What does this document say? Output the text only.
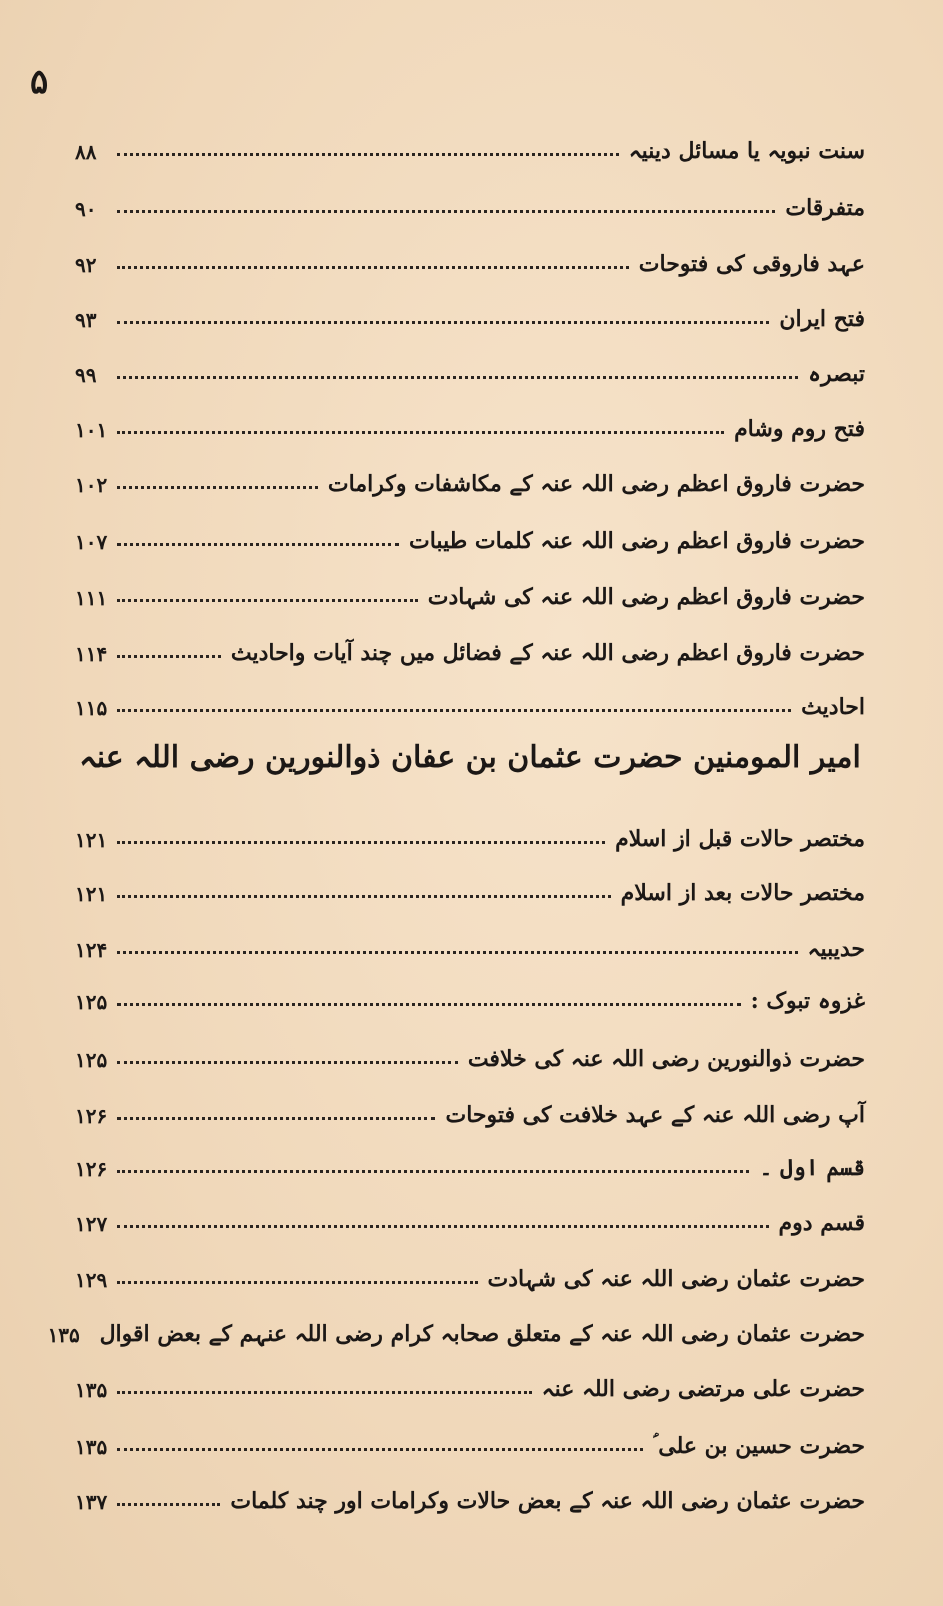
۵
سنت نبویہ یا مسائل دینیہ
۸۸
متفرقات
۹۰
عہد فاروقی کی فتوحات
۹۲
فتح ایران
۹۳
تبصرہ
۹۹
فتح روم وشام
۱۰۱
حضرت فاروق اعظم رضی اللہ عنہ کے مکاشفات وکرامات
۱۰۲
حضرت فاروق اعظم رضی اللہ عنہ کلمات طیبات
۱۰۷
حضرت فاروق اعظم رضی اللہ عنہ کی شہادت
۱۱۱
حضرت فاروق اعظم رضی اللہ عنہ کے فضائل میں چند آیات واحادیث
۱۱۴
احادیث
۱۱۵
مختصر حالات قبل از اسلام
۱۲۱
مختصر حالات بعد از اسلام
۱۲۱
حدیبیہ
۱۲۴
غزوہ تبوک :
۱۲۵
حضرت ذوالنورین رضی اللہ عنہ کی خلافت
۱۲۵
آپ رضی اللہ عنہ کے عہد خلافت کی فتوحات
۱۲۶
قسم اول ۔
۱۲۶
قسم دوم
۱۲۷
حضرت عثمان رضی اللہ عنہ کی شہادت
۱۲۹
حضرت عثمان رضی اللہ عنہ کے متعلق صحابہ کرام رضی اللہ عنہم کے بعض اقوال
۱۳۵
حضرت علی مرتضی رضی اللہ عنہ
۱۳۵
حضرت حسین بن علی ؑ
۱۳۵
حضرت عثمان رضی اللہ عنہ کے بعض حالات وکرامات اور چند کلمات
۱۳۷
امیر المومنین حضرت عثمان بن عفان ذوالنورین رضی اللہ عنہ
